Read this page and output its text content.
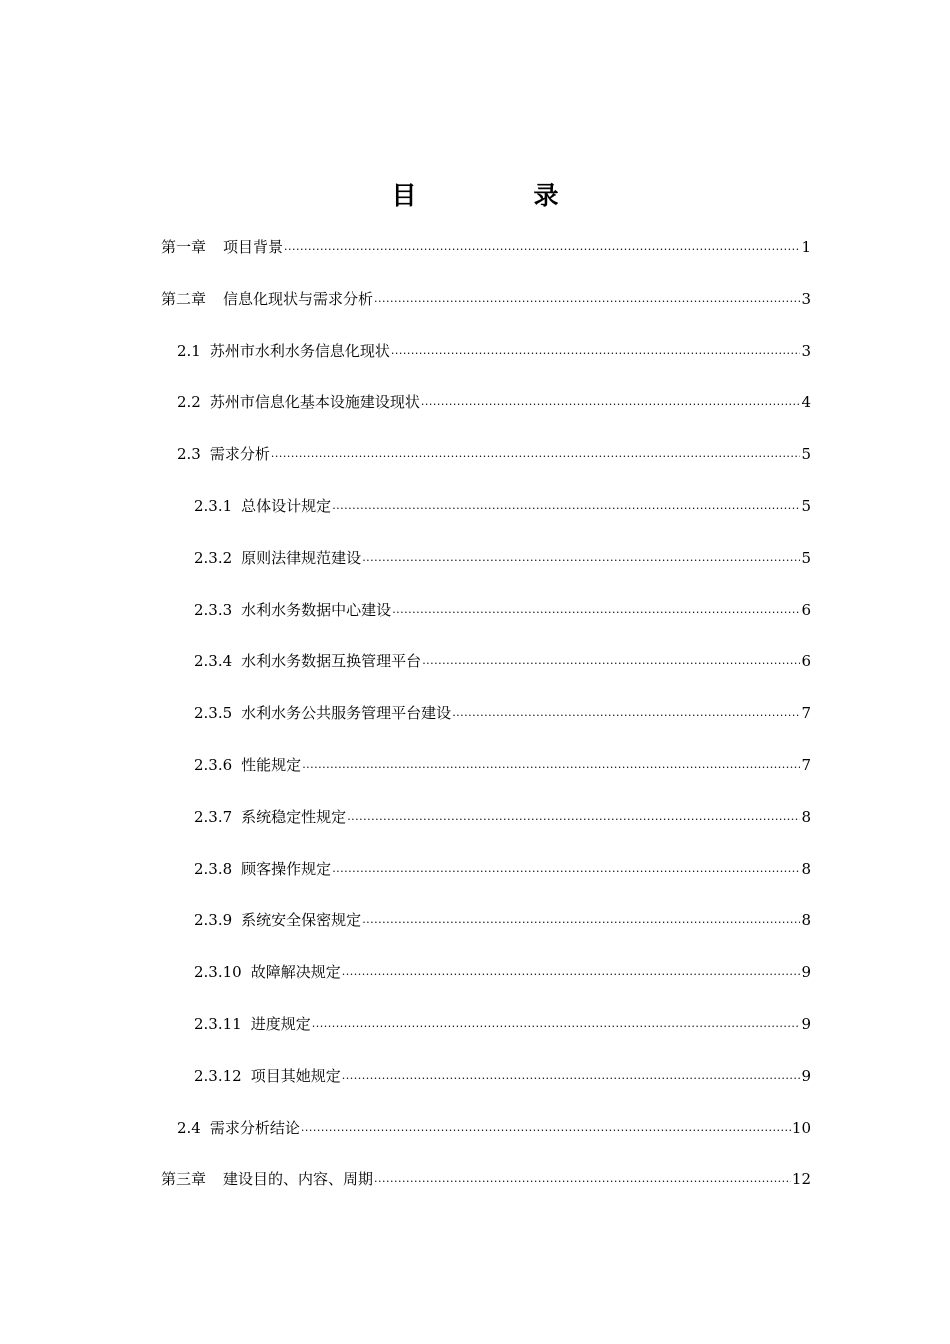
目　录
第一章 项目背景 .....	1
第二章 信息化现状与需求分析 .....	3
2.1 苏州市水利水务信息化现状 .....	3
2.2 苏州市信息化基本设施建设现状 .....	4
2.3 需求分析 .....	5
2.3.1 总体设计规定 .....	5
2.3.2 原则法律规范建设 .....	5
2.3.3 水利水务数据中心建设 .....	6
2.3.4 水利水务数据互换管理平台 .....	6
2.3.5 水利水务公共服务管理平台建设 .....	7
2.3.6 性能规定 .....	7
2.3.7 系统稳定性规定 .....	8
2.3.8 顾客操作规定 .....	8
2.3.9 系统安全保密规定 .....	8
2.3.10 故障解决规定 .....	9
2.3.11 进度规定 .....	9
2.3.12 项目其她规定 .....	9
2.4 需求分析结论 .....	10
第三章 建设目的、内容、周期 .....	12
